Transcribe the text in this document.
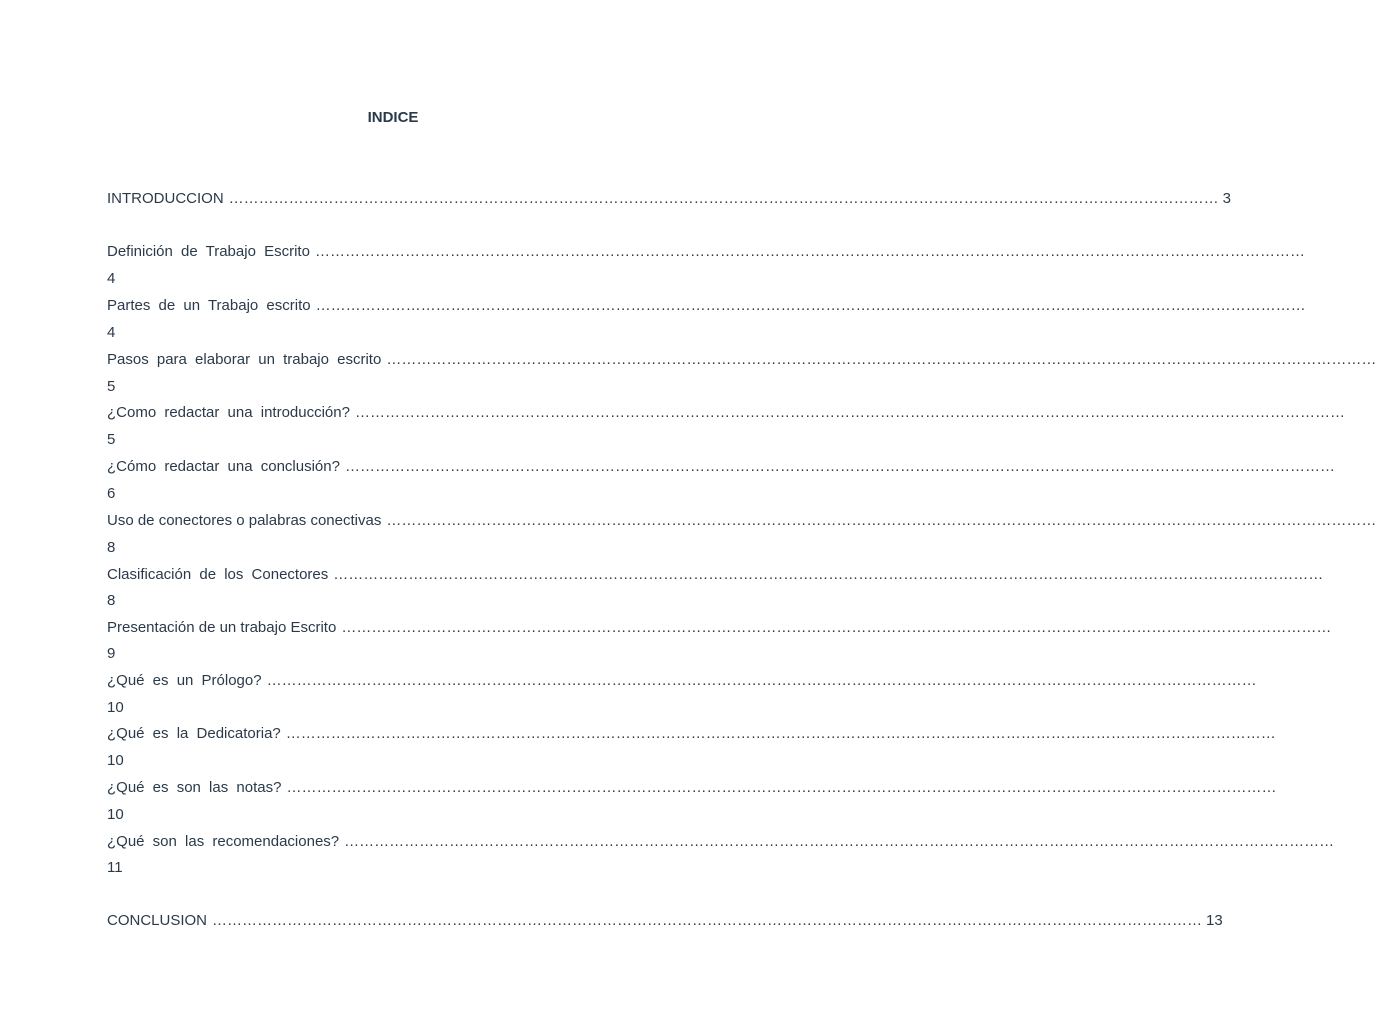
INDICE
INTRODUCCION ……………………………………………………………………………………………………………………………………………………………………………… 3
Definición de Trabajo Escrito ………………………………………………………………………………………………………………………………………………………………………………
4
Partes de un Trabajo escrito ………………………………………………………………………………………………………………………………………………………………………………
4
Pasos para elaborar un trabajo escrito ………………………………………………………………………………………………………………………………………………………………………………
5
¿Como redactar una introducción? ………………………………………………………………………………………………………………………………………………………………………………
5
¿Cómo redactar una conclusión? ………………………………………………………………………………………………………………………………………………………………………………
6
Uso de conectores o palabras conectivas ………………………………………………………………………………………………………………………………………………………………………………
8
Clasificación de los Conectores ………………………………………………………………………………………………………………………………………………………………………………
8
Presentación de un trabajo Escrito ………………………………………………………………………………………………………………………………………………………………………………
9
¿Qué es un Prólogo? ………………………………………………………………………………………………………………………………………………………………………………
10
¿Qué es la Dedicatoria? ………………………………………………………………………………………………………………………………………………………………………………
10
¿Qué es son las notas? ………………………………………………………………………………………………………………………………………………………………………………
10
¿Qué son las recomendaciones? ………………………………………………………………………………………………………………………………………………………………………………
11
CONCLUSION ……………………………………………………………………………………………………………………………………………………………………………… 13
